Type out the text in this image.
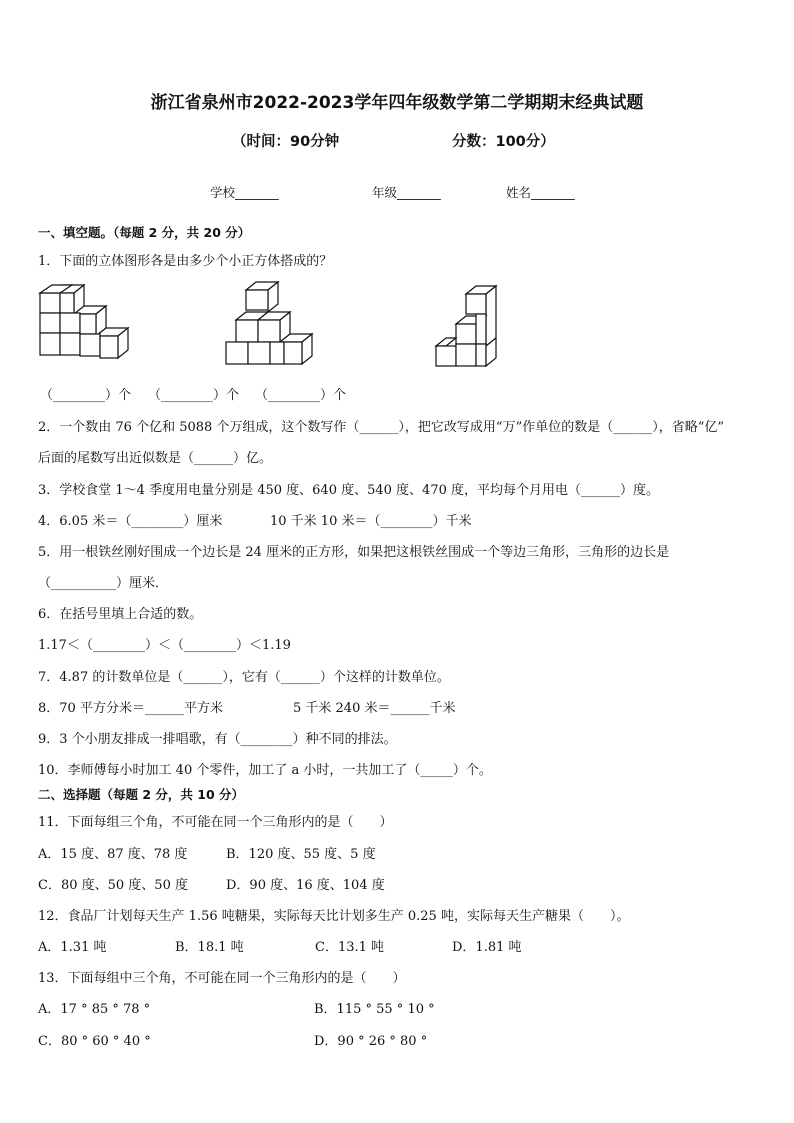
浙江省泉州市2022-2023学年四年级数学第二学期期末经典试题
（时间：90分钟	分数：100分）
学校_______	年级_______	姓名_______
一、填空题。（每题 2 分，共 20 分）
1．下面的立体图形各是由多少个小正方体搭成的？
（________）个 （________）个 （________）个
2．一个数由 76 个亿和 5088 个万组成，这个数写作（______），把它改写成用“万”作单位的数是（______），省略“亿”
后面的尾数写出近似数是（______）亿。
3．学校食堂 1～4 季度用电量分别是 450 度、640 度、540 度、470 度，平均每个月用电（______）度。
4．6.05 米＝（________）厘米	10 千米 10 米＝（________）千米
5．用一根铁丝刚好围成一个边长是 24 厘米的正方形，如果把这根铁丝围成一个等边三角形，三角形的边长是
（__________）厘米．
6．在括号里填上合适的数。
1.17＜（________）＜（________）＜1.19
7．4.87 的计数单位是（______），它有（______）个这样的计数单位。
8．70 平方分米＝______平方米	5 千米 240 米＝______千米
9．3 个小朋友排成一排唱歌，有（________）种不同的排法。
10．李师傅每小时加工 40 个零件，加工了 a 小时，一共加工了（_____）个。
二、选择题（每题 2 分，共 10 分）
11．下面每组三个角，不可能在同一个三角形内的是（　　）
A．15 度、87 度、78 度	B．120 度、55 度、5 度
C．80 度、50 度、50 度	D．90 度、16 度、104 度
12．食品厂计划每天生产 1.56 吨糖果，实际每天比计划多生产 0.25 吨，实际每天生产糖果（　　）。
A．1.31 吨	B．18.1 吨	C．13.1 吨	D．1.81 吨
13．下面每组中三个角，不可能在同一个三角形内的是（　　）
A．17 ° 85 ° 78 °	B．115 ° 55 ° 10 °
C．80 ° 60 ° 40 °	D．90 ° 26 ° 80 °
